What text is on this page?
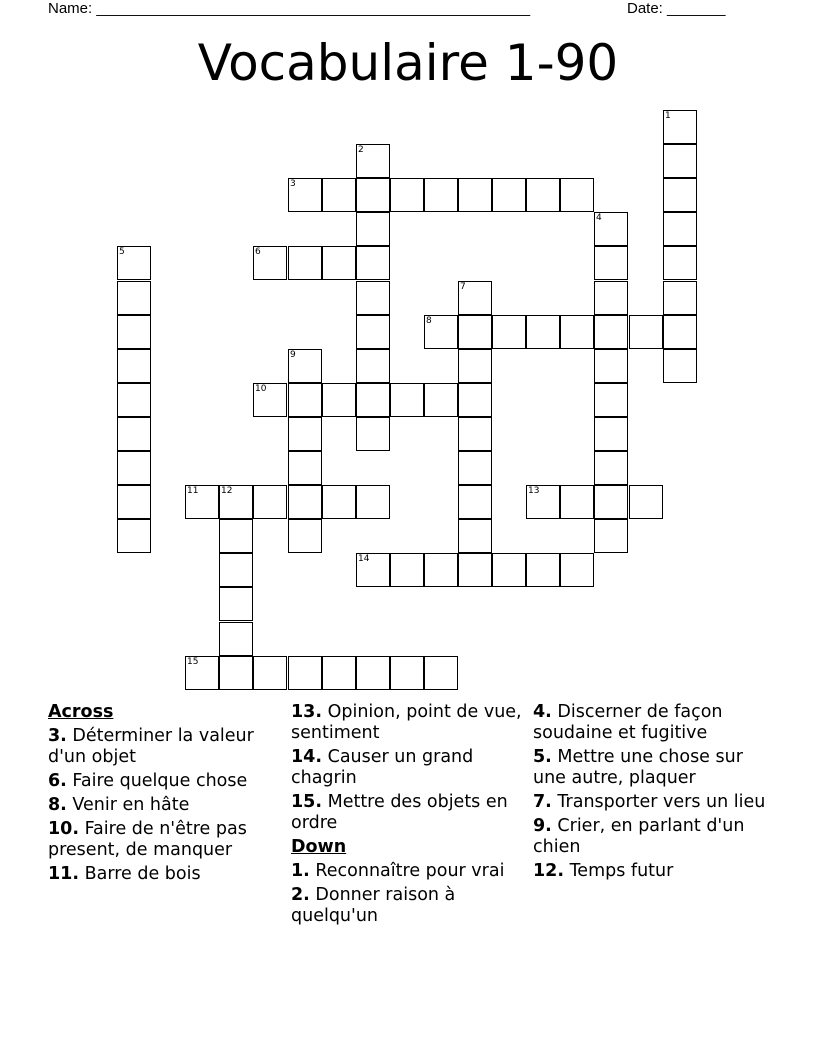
Name: ____________________________________________________	Date: _______
Vocabulaire 1-90
1
2
3
4
5	6
7
8
9
10
11	12	13
14
15
Across
3. Déterminer la valeur d'un objet
6. Faire quelque chose
8. Venir en hâte
10. Faire de n'être pas present, de manquer
11. Barre de bois
13. Opinion, point de vue, sentiment
14. Causer un grand chagrin
15. Mettre des objets en ordre
Down
1. Reconnaître pour vrai
2. Donner raison à quelqu'un
4. Discerner de façon soudaine et fugitive
5. Mettre une chose sur une autre, plaquer
7. Transporter vers un lieu
9. Crier, en parlant d'un chien
12. Temps futur
